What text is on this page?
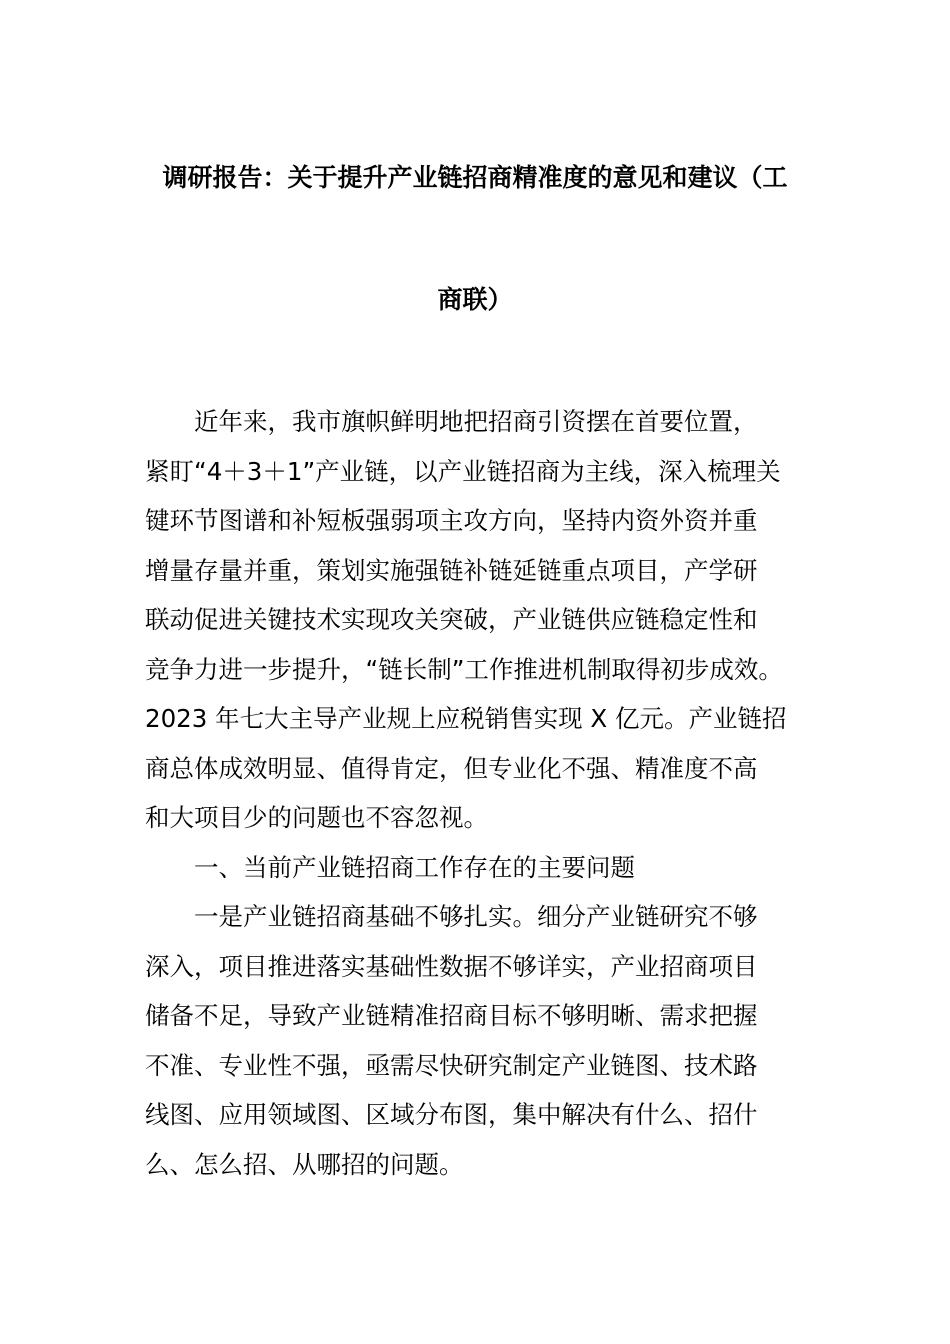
调研报告：关于提升产业链招商精准度的意见和建议（工
商联）
近年来，我市旗帜鲜明地把招商引资摆在首要位置，
紧盯“4＋3＋1”产业链，以产业链招商为主线，深入梳理关
键环节图谱和补短板强弱项主攻方向，坚持内资外资并重
增量存量并重，策划实施强链补链延链重点项目，产学研
联动促进关键技术实现攻关突破，产业链供应链稳定性和
竞争力进一步提升，“链长制”工作推进机制取得初步成效。
2023 年七大主导产业规上应税销售实现 X 亿元。产业链招
商总体成效明显、值得肯定，但专业化不强、精准度不高
和大项目少的问题也不容忽视。
一、当前产业链招商工作存在的主要问题
一是产业链招商基础不够扎实。细分产业链研究不够
深入，项目推进落实基础性数据不够详实，产业招商项目
储备不足，导致产业链精准招商目标不够明晰、需求把握
不准、专业性不强，亟需尽快研究制定产业链图、技术路
线图、应用领域图、区域分布图，集中解决有什么、招什
么、怎么招、从哪招的问题。
